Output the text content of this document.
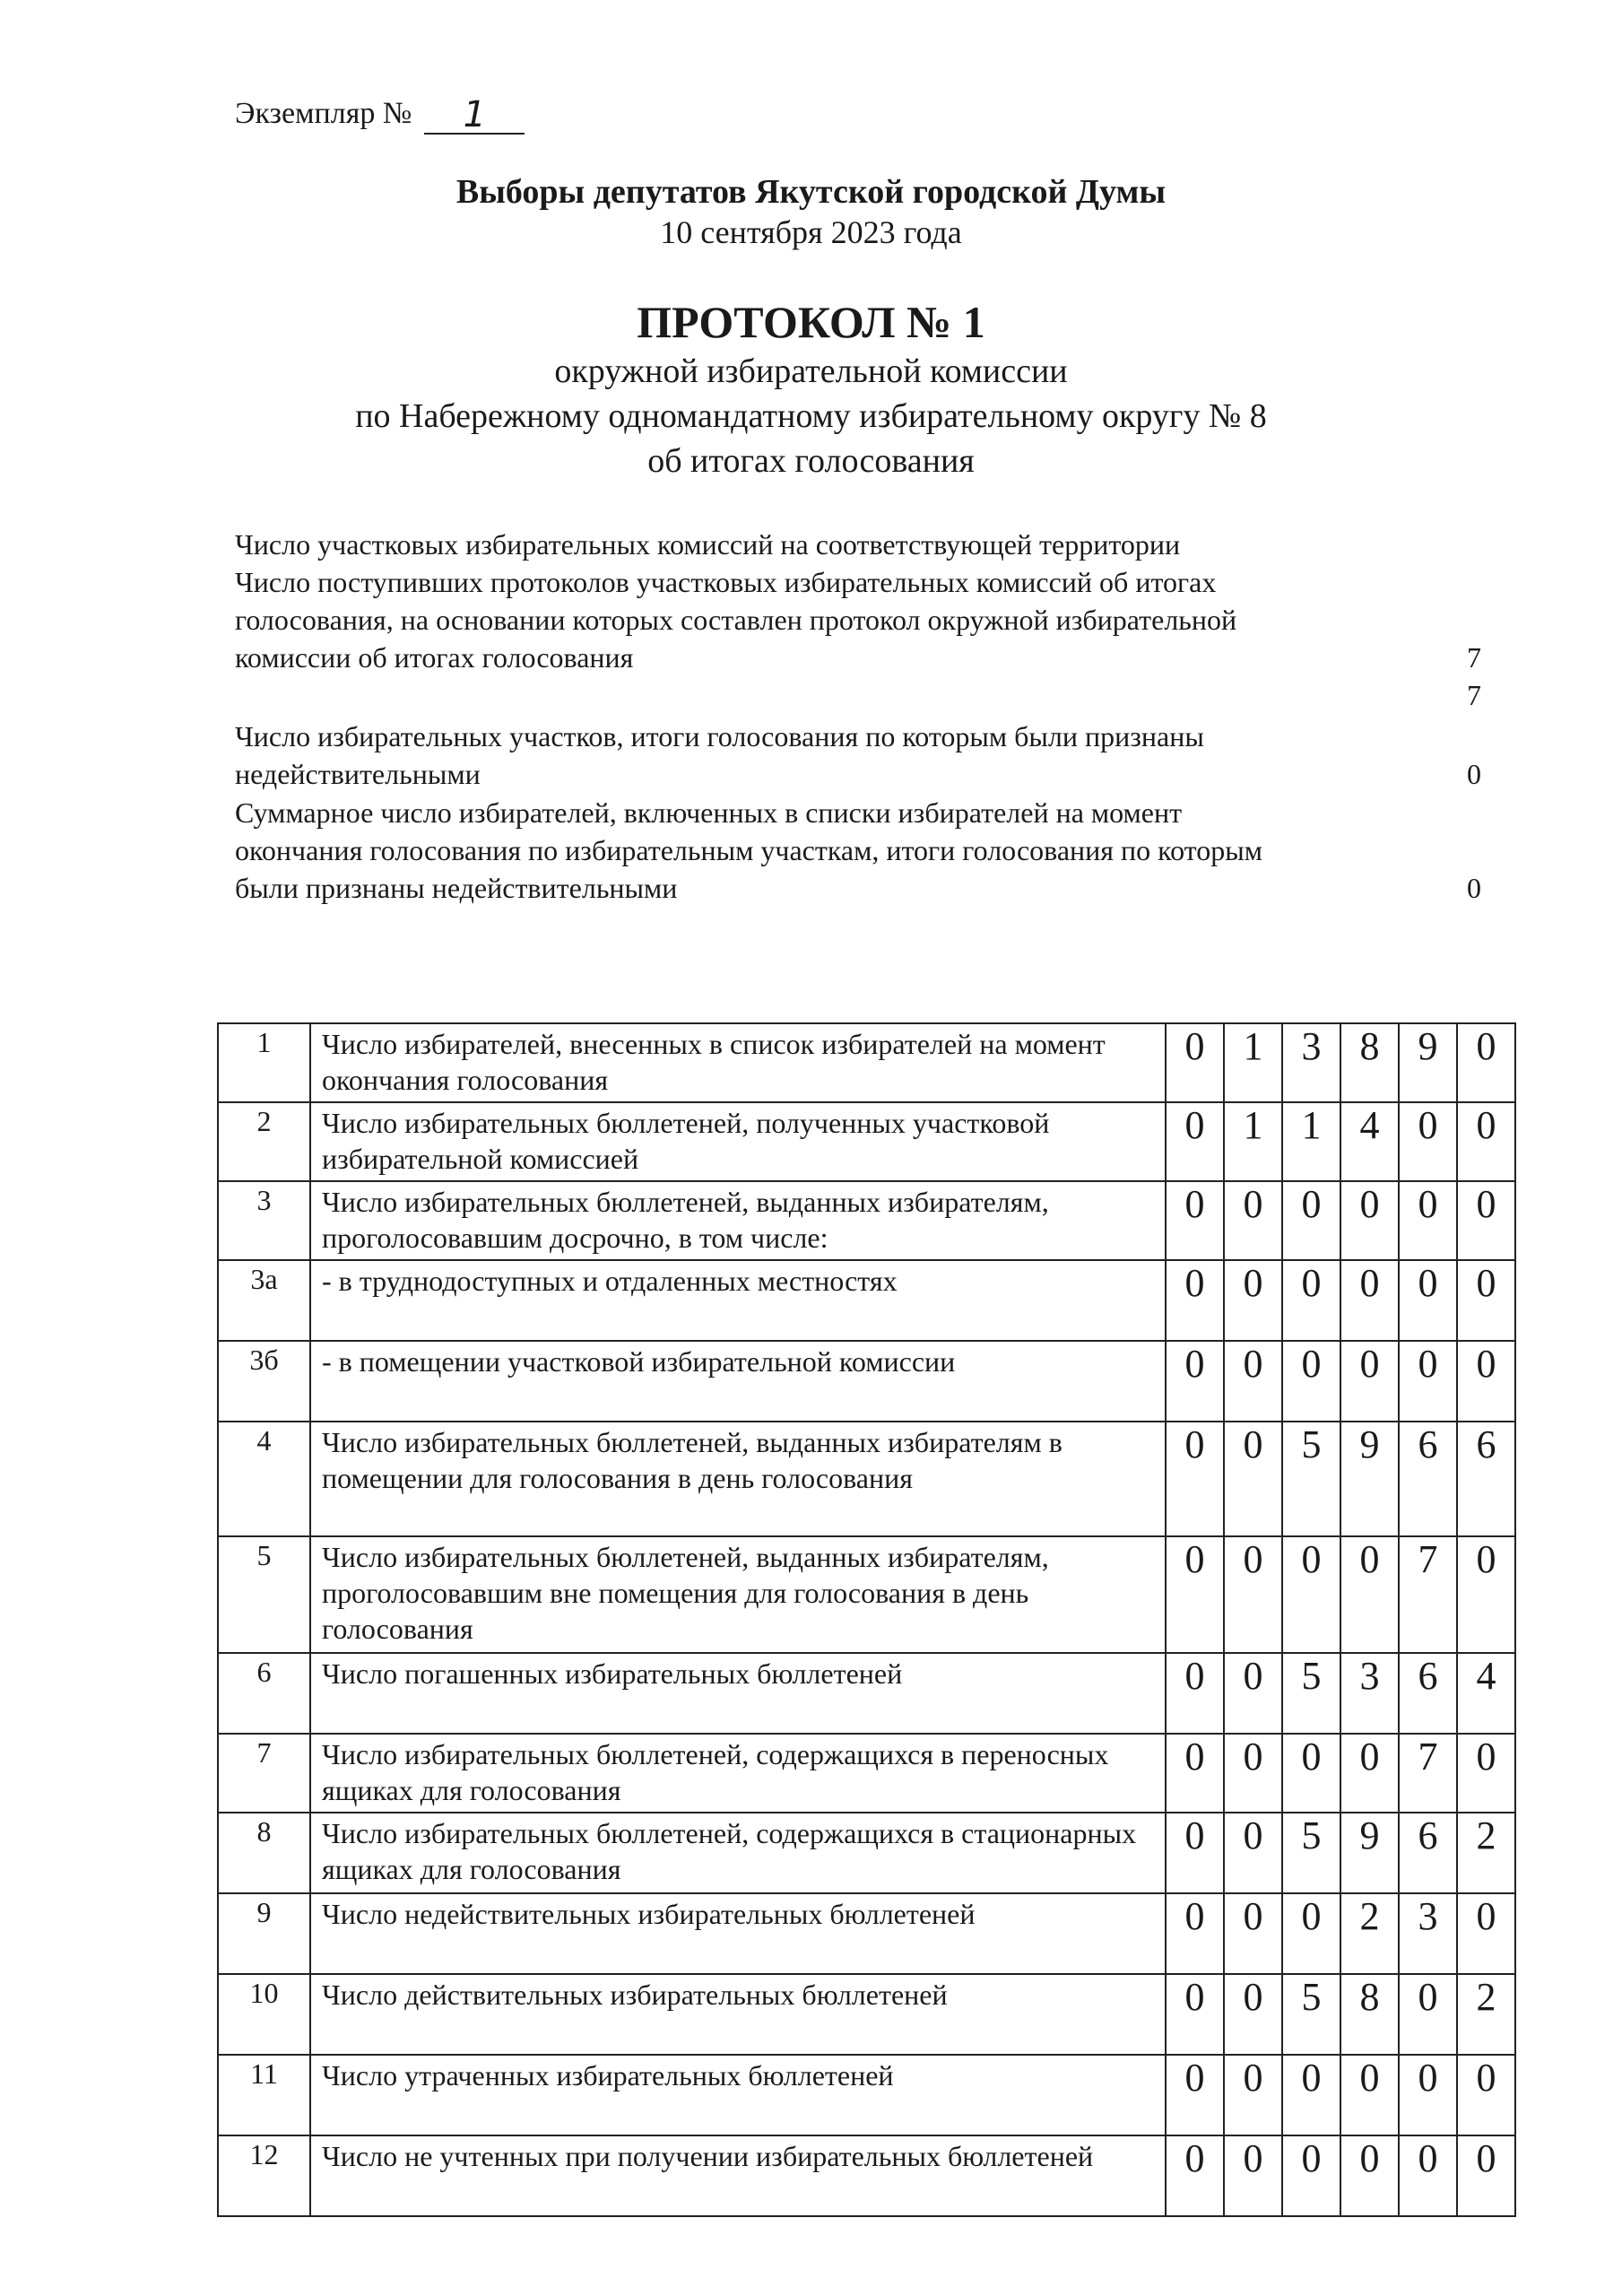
Экземпляр № 1
Выборы депутатов Якутской городской Думы
10 сентября 2023 года
ПРОТОКОЛ № 1
окружной избирательной комиссии
по Набережному одномандатному избирательному округу № 8
об итогах голосования
Число участковых избирательных комиссий на соответствующей территории
Число поступивших протоколов участковых избирательных комиссий об итогах
голосования, на основании которых составлен протокол окружной избирательной
комиссии об итогах голосования	7
7
Число избирательных участков, итоги голосования по которым были признаны
недействительными	0
Суммарное число избирателей, включенных в списки избирателей на момент
окончания голосования по избирательным участкам, итоги голосования по которым
были признаны недействительными	0
1	Число избирателей, внесенных в список избирателей на момент окончания голосования	0	1	3	8	9	0
2	Число избирательных бюллетеней, полученных участковой избирательной комиссией	0	1	1	4	0	0
3	Число избирательных бюллетеней, выданных избирателям, проголосовавшим досрочно, в том числе:	0	0	0	0	0	0
3а	- в труднодоступных и отдаленных местностях	0	0	0	0	0	0
3б	- в помещении участковой избирательной комиссии	0	0	0	0	0	0
4	Число избирательных бюллетеней, выданных избирателям в помещении для голосования в день голосования	0	0	5	9	6	6
5	Число избирательных бюллетеней, выданных избирателям, проголосовавшим вне помещения для голосования в день голосования	0	0	0	0	7	0
6	Число погашенных избирательных бюллетеней	0	0	5	3	6	4
7	Число избирательных бюллетеней, содержащихся в переносных ящиках для голосования	0	0	0	0	7	0
8	Число избирательных бюллетеней, содержащихся в стационарных ящиках для голосования	0	0	5	9	6	2
9	Число недействительных избирательных бюллетеней	0	0	0	2	3	0
10	Число действительных избирательных бюллетеней	0	0	5	8	0	2
11	Число утраченных избирательных бюллетеней	0	0	0	0	0	0
12	Число не учтенных при получении избирательных бюллетеней	0	0	0	0	0	0
